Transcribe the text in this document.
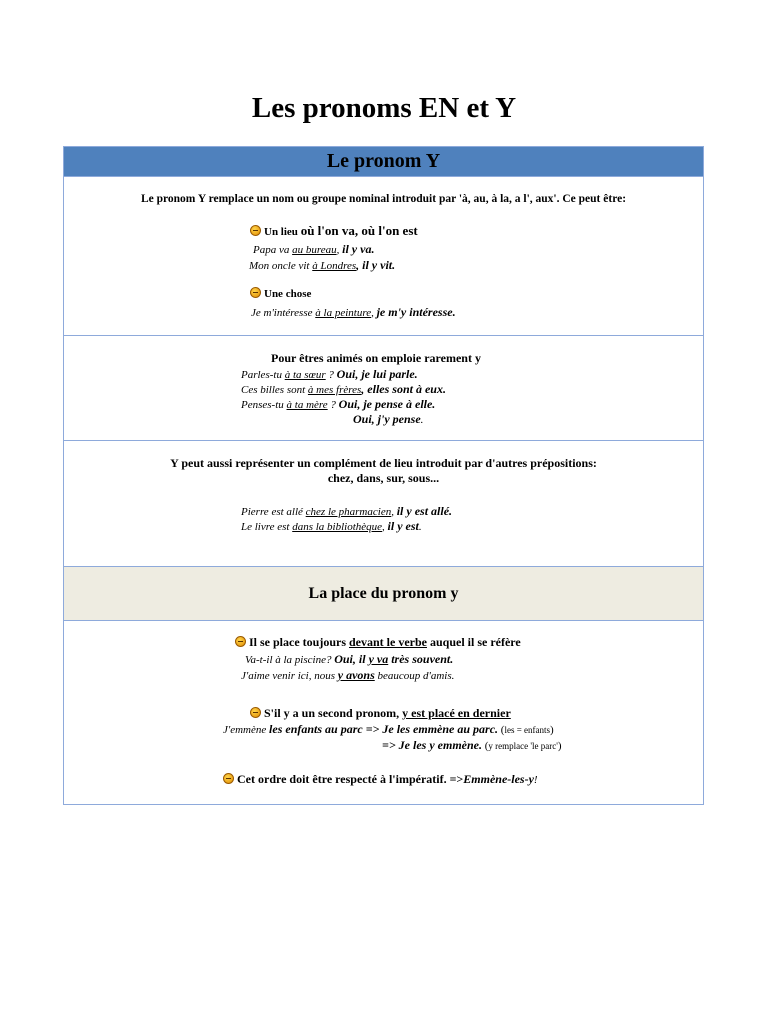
Les pronoms EN et Y
Le pronom Y
Le pronom Y remplace un nom ou groupe nominal introduit par 'à, au, à la, a l', aux'. Ce peut être:
Un lieu où l'on va, où l'on est
Papa va au bureau, il y va.
Mon oncle vit à Londres, il y vit.
Une chose
Je m'intéresse à la peinture, je m'y intéresse.
Pour êtres animés on emploie rarement y
Parles-tu à ta sœur ? Oui, je lui parle.
Ces billes sont à mes frères, elles sont à eux.
Penses-tu à ta mère ? Oui, je pense à elle.
Oui, j'y pense.
Y peut aussi représenter un complément de lieu introduit par d'autres prépositions:
chez, dans, sur, sous...
Pierre est allé chez le pharmacien, il y est allé.
Le livre est dans la bibliothèque, il y est.
La place du pronom y
Il se place toujours devant le verbe auquel il se réfère
Va-t-il à la piscine? Oui, il y va très souvent.
J'aime venir ici, nous y avons beaucoup d'amis.
S'il y a un second pronom, y est placé en dernier
J'emmène les enfants au parc => Je les emmène au parc. (les = enfants)
=> Je les y emmène. (y remplace 'le parc')
Cet ordre doit être respecté à l'impératif. =>Emmène-les-y!
